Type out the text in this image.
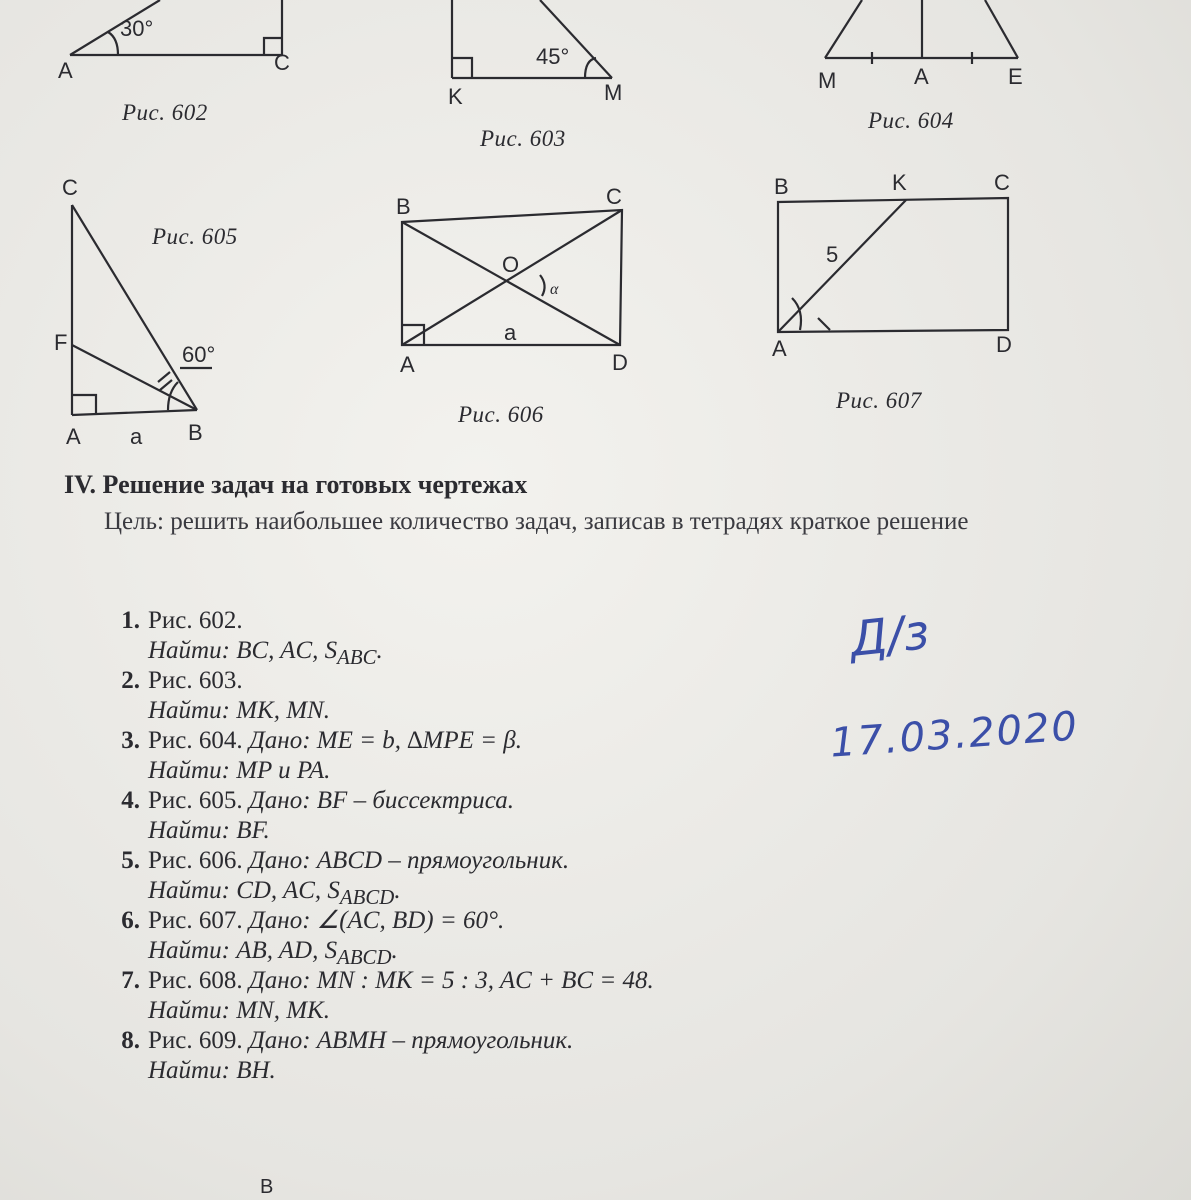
30°
A	C	45°
K	M	M	A	E
60°
C
F
A a B
O
α
a
B	C
A	D
5
B	K	C
A	D
Рис. 602
Рис. 603
Рис. 604
Рис. 605
Рис. 606
Рис. 607
IV. Решение задач на готовых чертежах
Цель: решить наибольшее количество задач, записав в тетрадях краткое решение
1. Рис. 602.
Найти: BC, AC, $S_{ABC}$.
2. Рис. 603.
Найти: MK, MN.
3. Рис. 604. Дано: ME = b, ∆MPE = β.
Найти: MP и PA.
4. Рис. 605. Дано: BF – биссектриса.
Найти: BF.
5. Рис. 606. Дано: ABCD – прямоугольник.
Найти: CD, AC, $S_{ABCD}$.
6. Рис. 607. Дано: ∠(AC, BD) = 60°.
Найти: AB, AD, $S_{ABCD}$.
7. Рис. 608. Дано: MN : MK = 5 : 3, AC + BC = 48.
Найти: MN, MK.
8. Рис. 609. Дано: ABMH – прямоугольник.
Найти: BH.
Д/з
17.03.2020
B
